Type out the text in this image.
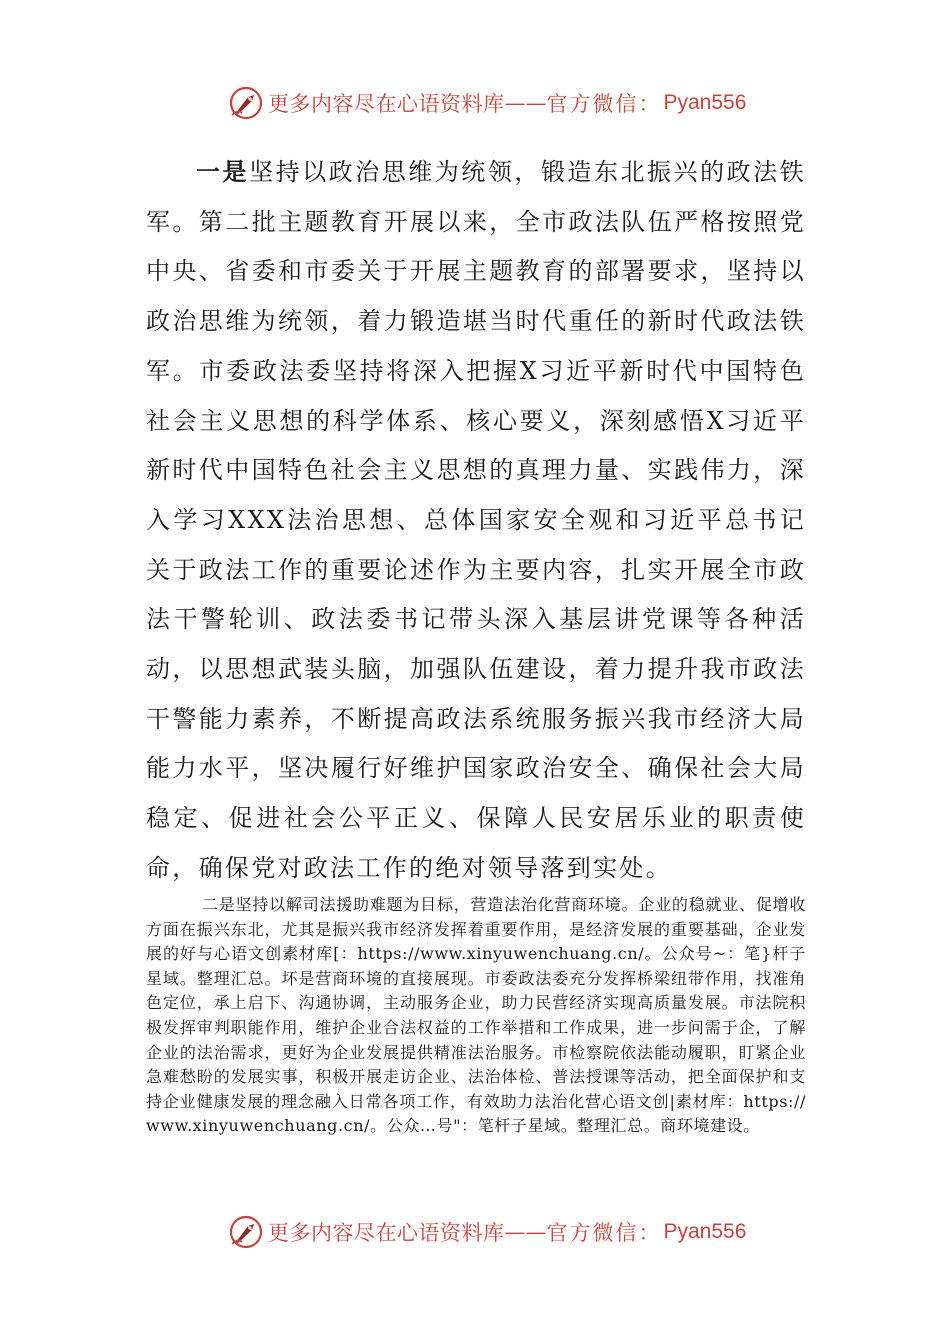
更多内容尽在心语资料库 —— 官方微信： Pyan556

一是坚持以政治思维为统领，锻造东北振兴的政法铁军。第二批主题教育开展以来，全市政法队伍严格按照党中央、省委和市委关于开展主题教育的部署要求，坚持以政治思维为统领，着力锻造堪当时代重任的新时代政法铁军。市委政法委坚持将深入把握X习近平新时代中国特色社会主义思想的科学体系、核心要义，深刻感悟X习近平新时代中国特色社会主义思想的真理力量、实践伟力，深入学习XXX法治思想、总体国家安全观和习近平总书记关于政法工作的重要论述作为主要内容，扎实开展全市政法干警轮训、政法委书记带头深入基层讲党课等各种活动，以思想武装头脑，加强队伍建设，着力提升我市政法干警能力素养，不断提高政法系统服务振兴我市经济大局能力水平，坚决履行好维护国家政治安全、确保社会大局稳定、促进社会公平正义、保障人民安居乐业的职责使命，确保党对政法工作的绝对领导落到实处。

二是坚持以解司法援助难题为目标，营造法治化营商环境。企业的稳就业、促增收方面在振兴东北，尤其是振兴我市经济发挥着重要作用，是经济发展的重要基础，企业发展的好与心语文创素材库[：https://www.xinyuwenchuang.cn/。公众号~：笔}杆子星域。整理汇总。坏是营商环境的直接展现。市委政法委充分发挥桥梁纽带作用，找准角色定位，承上启下、沟通协调，主动服务企业，助力民营经济实现高质量发展。市法院积极发挥审判职能作用，维护企业合法权益的工作举措和工作成果，进一步问需于企，了解企业的法治需求，更好为企业发展提供精准法治服务。市检察院依法能动履职，盯紧企业急难愁盼的发展实事，积极开展走访企业、法治体检、普法授课等活动，把全面保护和支持企业健康发展的理念融入日常各项工作，有效助力法治化营心语文创|素材库：https://www.xinyuwenchuang.cn/。公众…号"：笔杆子星域。整理汇总。商环境建设。

更多内容尽在心语资料库 —— 官方微信： Pyan556
